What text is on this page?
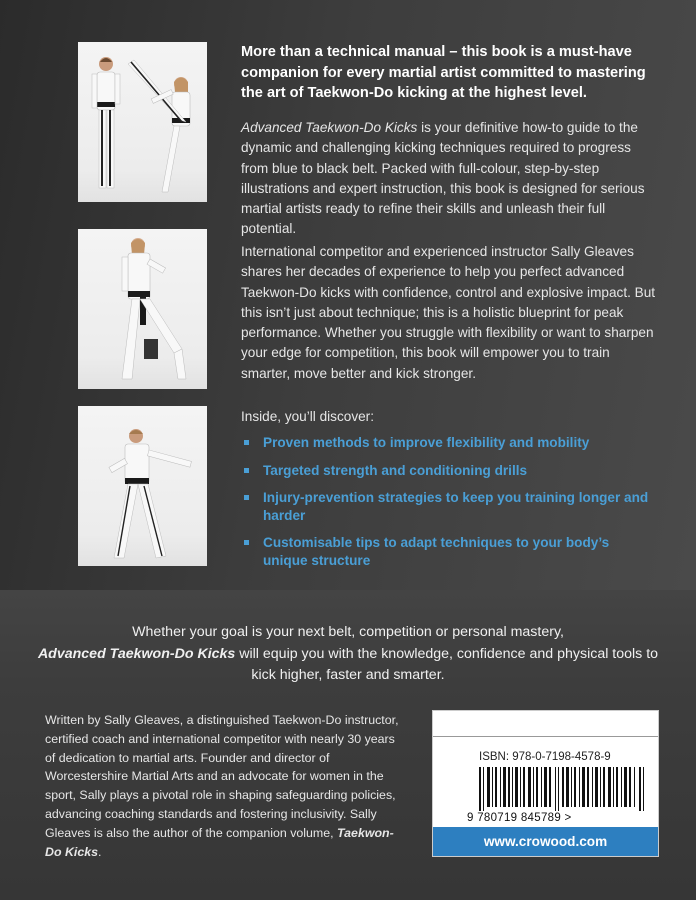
More than a technical manual – this book is a must-have companion for every martial artist committed to mastering the art of Taekwon-Do kicking at the highest level.

Advanced Taekwon-Do Kicks is your definitive how-to guide to the dynamic and challenging kicking techniques required to progress from blue to black belt. Packed with full-colour, step-by-step illustrations and expert instruction, this book is designed for serious martial artists ready to refine their skills and unleash their full potential.

International competitor and experienced instructor Sally Gleaves shares her decades of experience to help you perfect advanced Taekwon-Do kicks with confidence, control and explosive impact. But this isn’t just about technique; this is a holistic blueprint for peak performance. Whether you struggle with flexibility or want to sharpen your edge for competition, this book will empower you to train smarter, move better and kick stronger.

Inside, you’ll discover:

Proven methods to improve flexibility and mobility
Targeted strength and conditioning drills
Injury-prevention strategies to keep you training longer and harder
Customisable tips to adapt techniques to your body’s unique structure

Whether your goal is your next belt, competition or personal mastery,
Advanced Taekwon-Do Kicks will equip you with the knowledge, confidence and physical tools to kick higher, faster and smarter.

Written by Sally Gleaves, a distinguished Taekwon-Do instructor, certified coach and international competitor with nearly 30 years of dedication to martial arts. Founder and director of Worcestershire Martial Arts and an advocate for women in the sport, Sally plays a pivotal role in shaping safeguarding policies, advancing coaching standards and fostering inclusivity. Sally Gleaves is also the author of the companion volume, Taekwon-Do Kicks.

ISBN: 978-0-7198-4578-9
9 780719 845789 >
www.crowood.com
